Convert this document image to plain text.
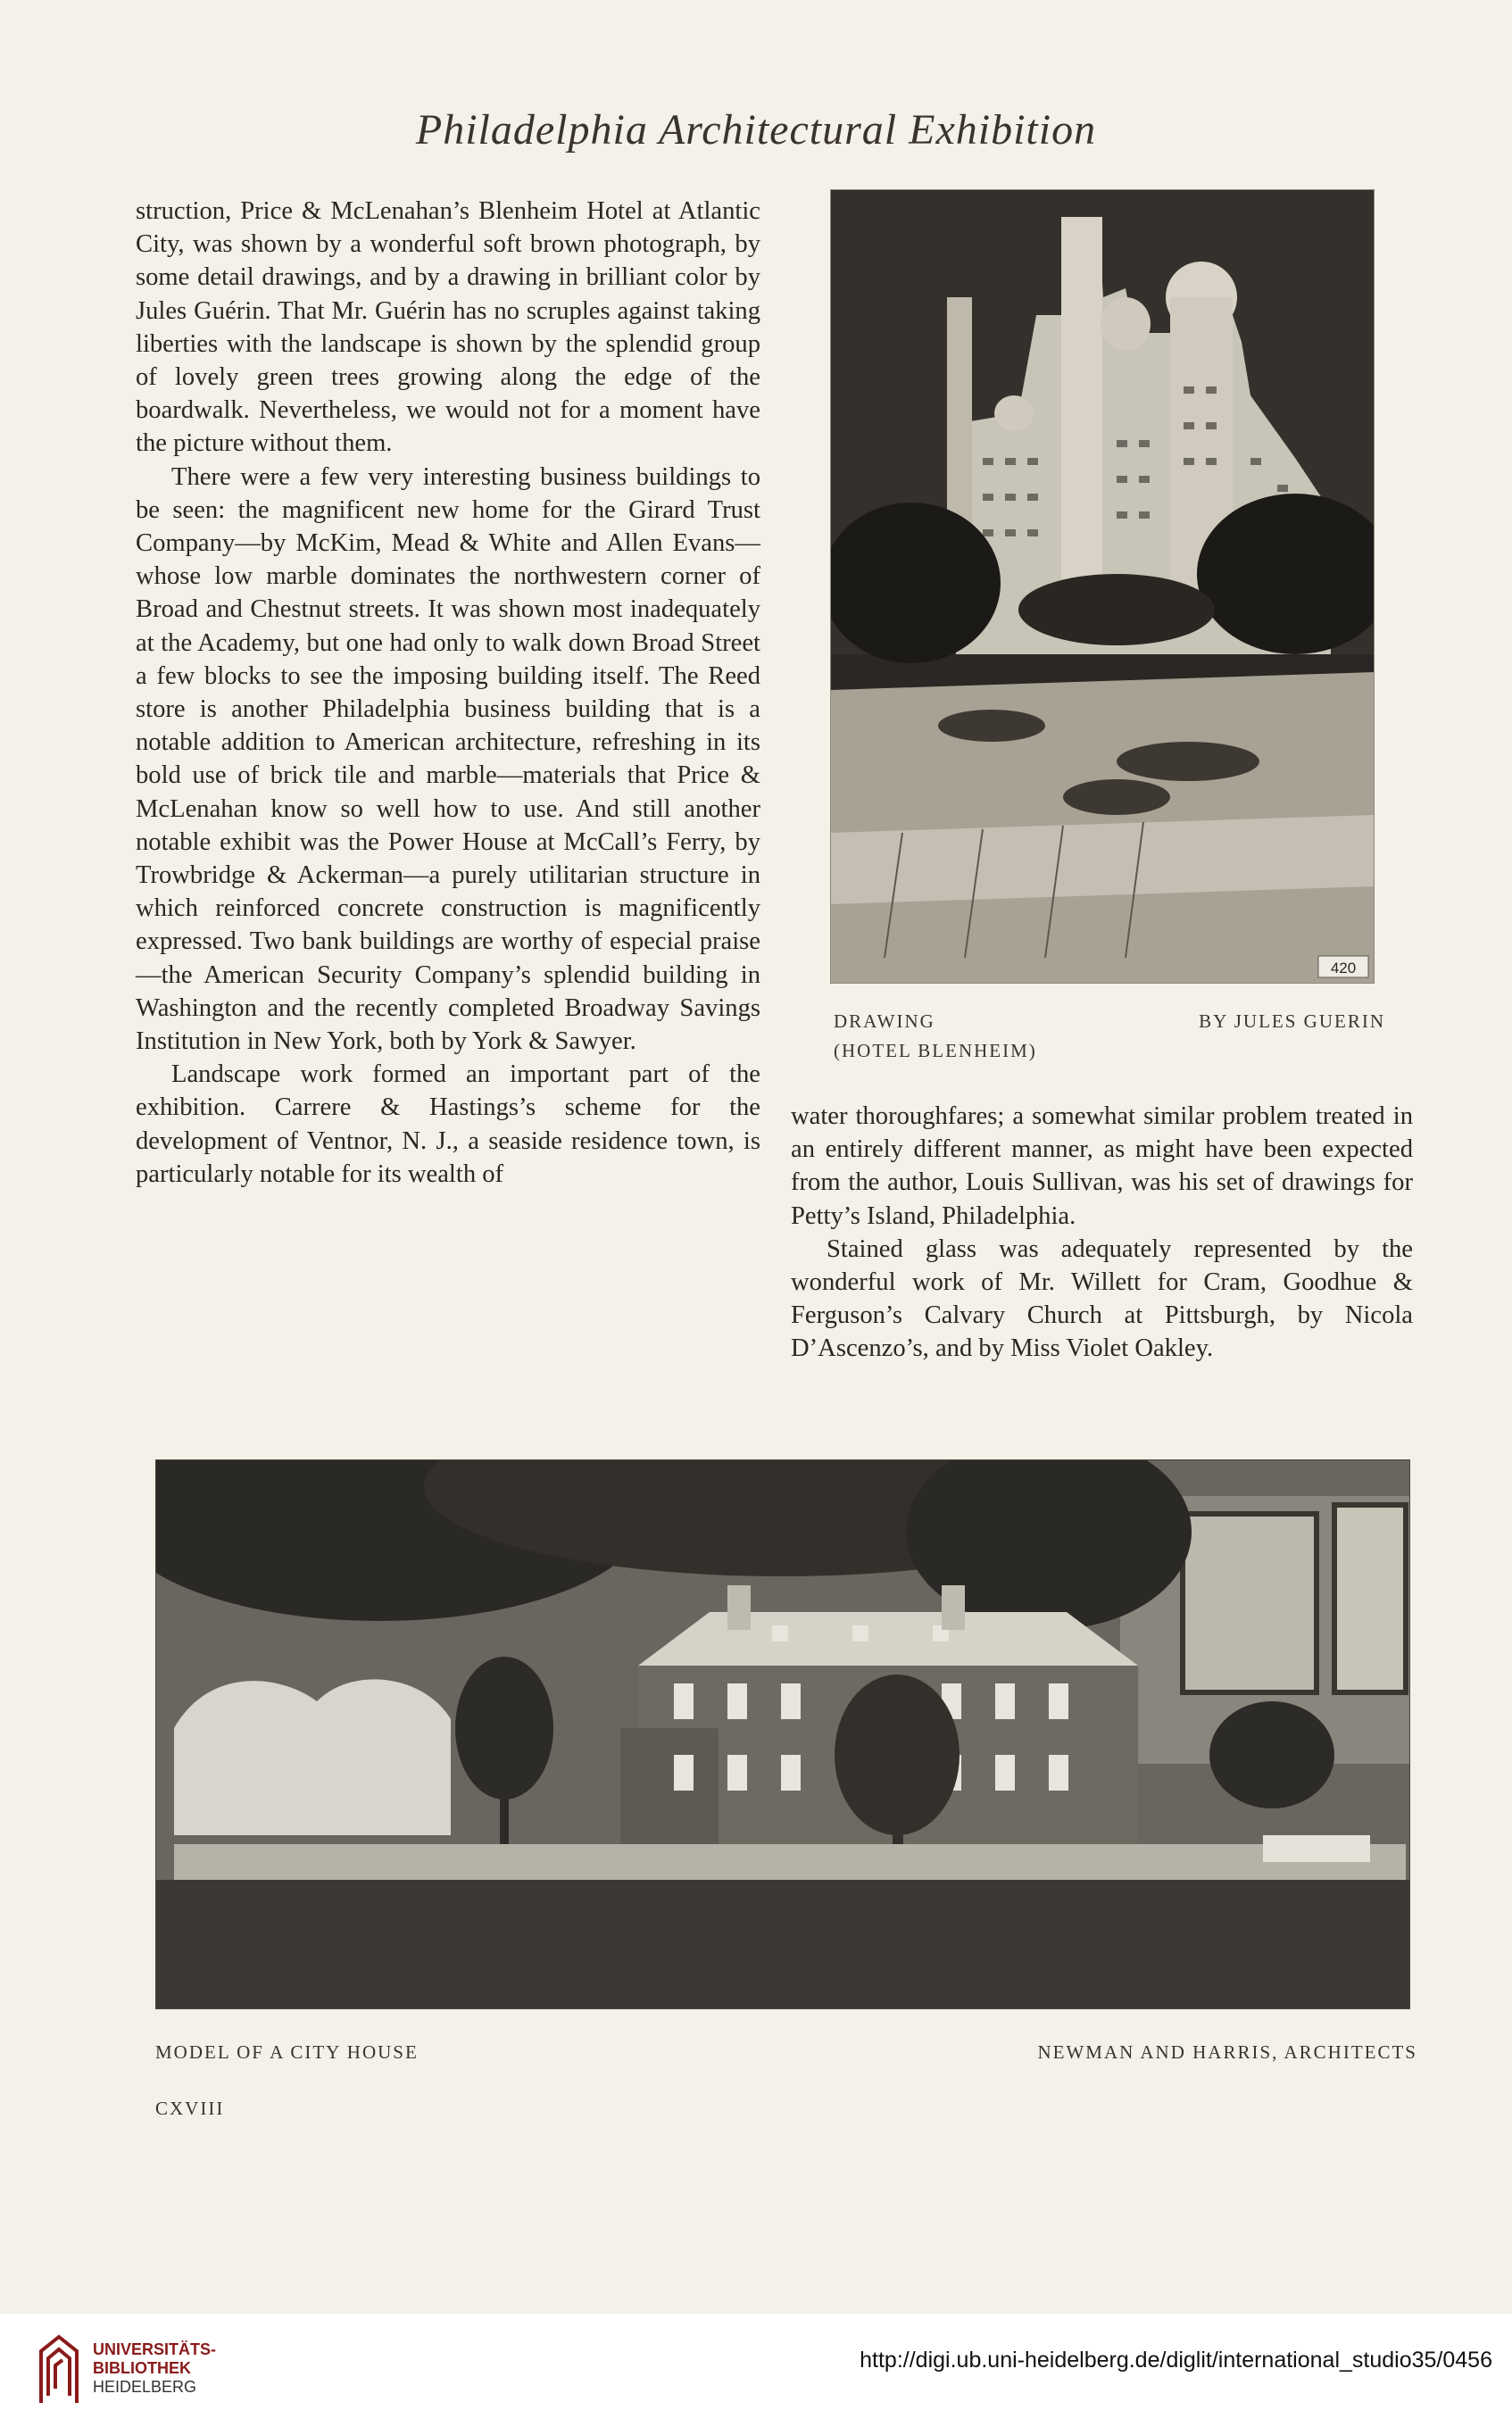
Philadelphia Architectural Exhibition

struction, Price & McLenahan’s Blenheim Hotel at Atlantic City, was shown by a wonderful soft brown photograph, by some detail drawings, and by a drawing in brilliant color by Jules Guérin. That Mr. Guérin has no scruples against taking liberties with the landscape is shown by the splendid group of lovely green trees growing along the edge of the boardwalk. Nevertheless, we would not for a moment have the picture without them.

There were a few very interesting business buildings to be seen: the magnificent new home for the Girard Trust Company—by McKim, Mead & White and Allen Evans—whose low marble dominates the northwestern corner of Broad and Chestnut streets. It was shown most inadequately at the Academy, but one had only to walk down Broad Street a few blocks to see the imposing building itself. The Reed store is another Philadelphia business building that is a notable addition to American architecture, refreshing in its bold use of brick tile and marble—materials that Price & McLenahan know so well how to use. And still another notable exhibit was the Power House at McCall’s Ferry, by Trowbridge & Ackerman—a purely utilitarian structure in which reinforced concrete construction is magnificently expressed. Two bank buildings are worthy of especial praise—the American Security Company’s splendid building in Washington and the recently completed Broadway Savings Institution in New York, both by York & Sawyer.

Landscape work formed an important part of the exhibition. Carrere & Hastings’s scheme for the development of Ventnor, N. J., a seaside residence town, is particularly notable for its wealth of

420
DRAWING	BY JULES GUERIN
(HOTEL BLENHEIM)

water thoroughfares; a somewhat similar problem treated in an entirely different manner, as might have been expected from the author, Louis Sullivan, was his set of drawings for Petty’s Island, Philadelphia.

Stained glass was adequately represented by the wonderful work of Mr. Willett for Cram, Goodhue & Ferguson’s Calvary Church at Pittsburgh, by Nicola D’Ascenzo’s, and by Miss Violet Oakley.

MODEL OF A CITY HOUSE	NEWMAN AND HARRIS, ARCHITECTS
CXVIII
UNIVERSITÄTS-
BIBLIOTHEK
HEIDELBERG
http://digi.ub.uni-heidelberg.de/diglit/international_studio35/0456
